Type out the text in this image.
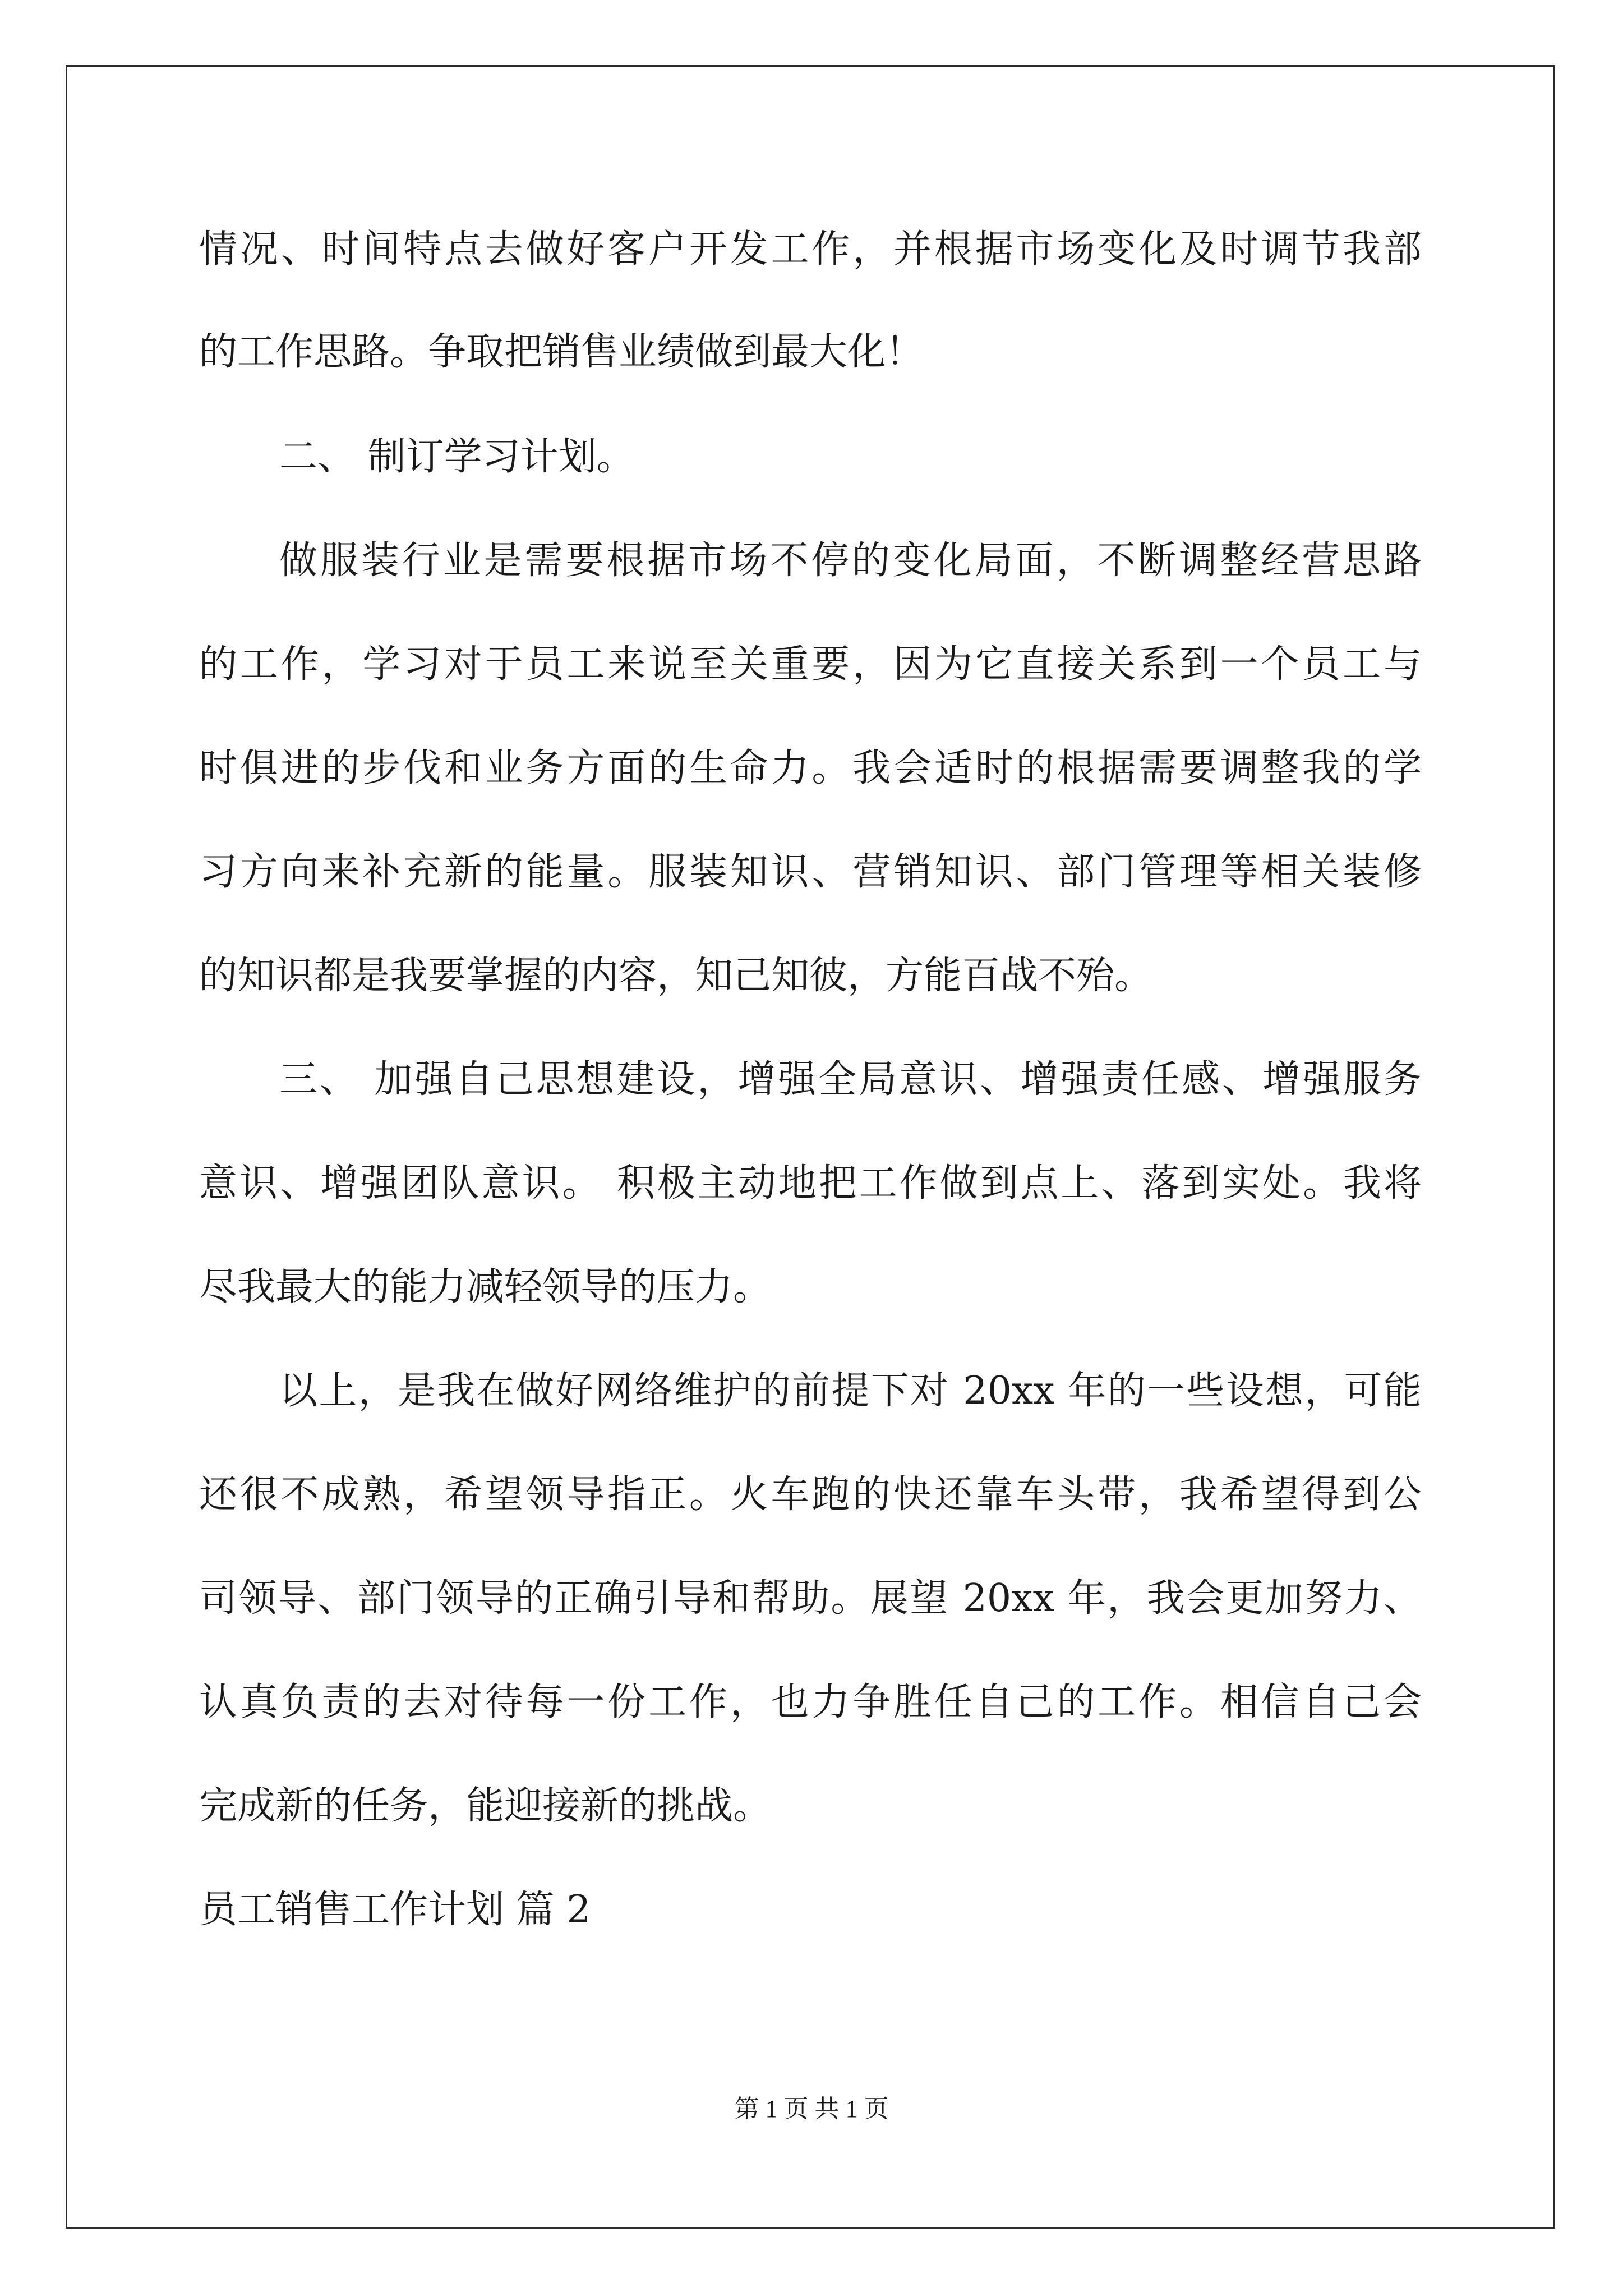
情况、时间特点去做好客户开发工作，并根据市场变化及时调节我部
的工作思路。争取把销售业绩做到最大化！
二、 制订学习计划。
做服装行业是需要根据市场不停的变化局面，不断调整经营思路
的工作，学习对于员工来说至关重要，因为它直接关系到一个员工与
时俱进的步伐和业务方面的生命力。我会适时的根据需要调整我的学
习方向来补充新的能量。服装知识、营销知识、部门管理等相关装修
的知识都是我要掌握的内容，知己知彼，方能百战不殆。
三、 加强自己思想建设，增强全局意识、增强责任感、增强服务
意识、增强团队意识。 积极主动地把工作做到点上、落到实处。我将
尽我最大的能力减轻领导的压力。
以上，是我在做好网络维护的前提下对 20xx 年的一些设想，可能
还很不成熟，希望领导指正。火车跑的快还靠车头带，我希望得到公
司领导、部门领导的正确引导和帮助。展望 20xx 年，我会更加努力、
认真负责的去对待每一份工作，也力争胜任自己的工作。相信自己会
完成新的任务，能迎接新的挑战。
员工销售工作计划 篇 2
第 1 页 共 1 页
